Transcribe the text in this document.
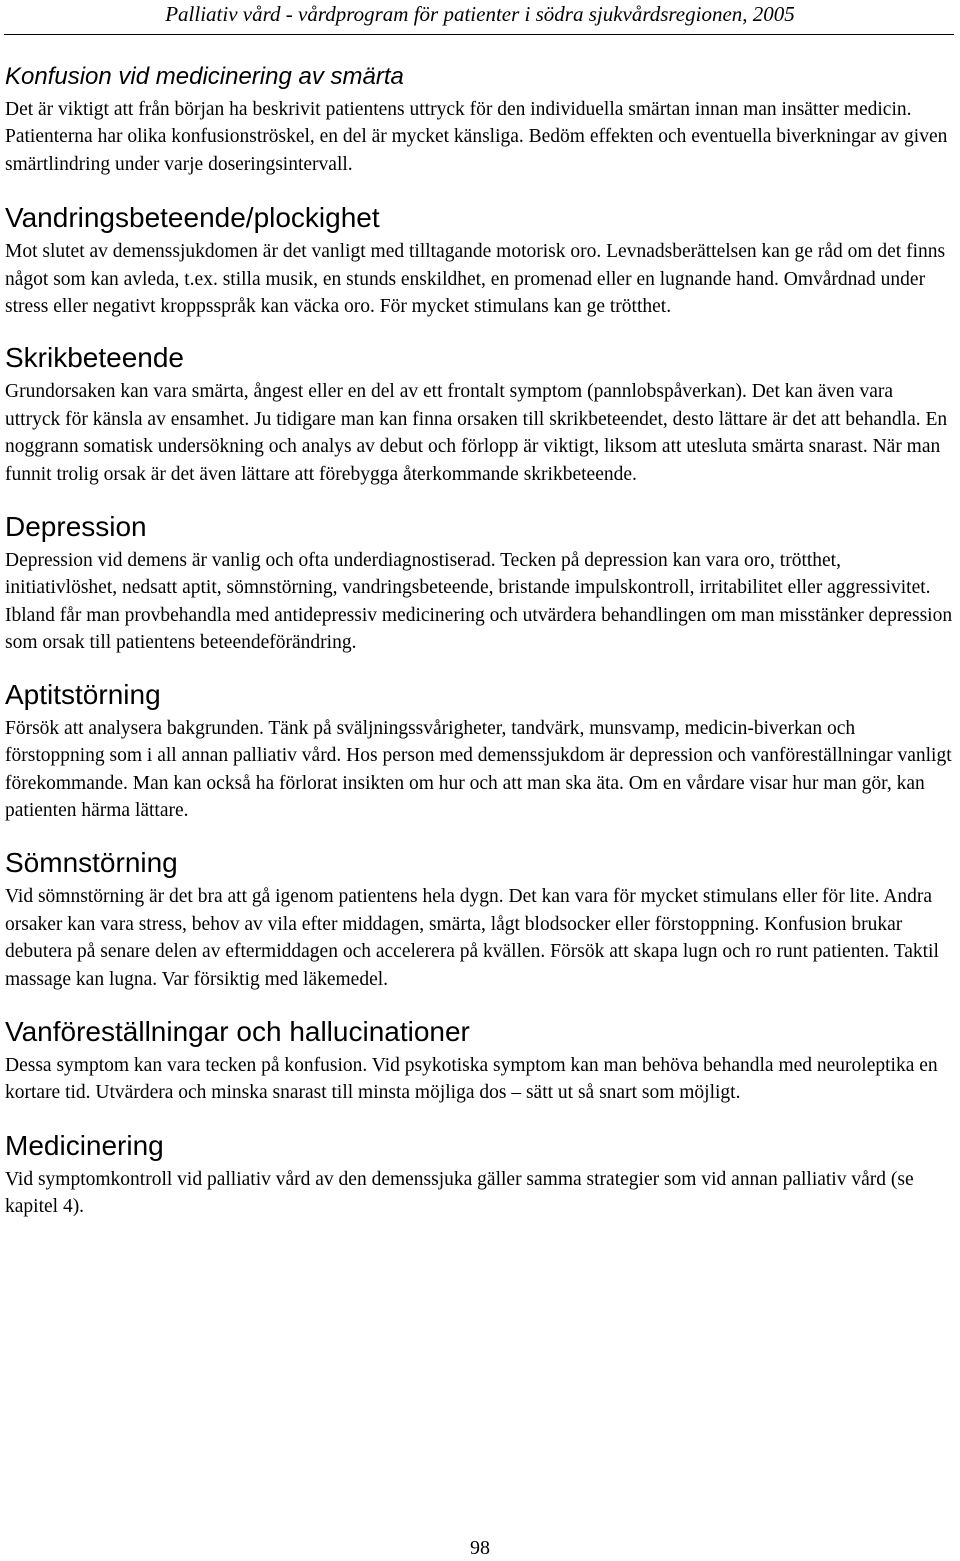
Palliativ vård - vårdprogram för patienter i södra sjukvårdsregionen, 2005
Konfusion vid medicinering av smärta

Det är viktigt att från början ha beskrivit patientens uttryck för den individuella smärtan innan man insätter medicin. Patienterna har olika konfusionströskel, en del är mycket känsliga. Bedöm effekten och eventuella biverkningar av given smärtlindring under varje doseringsintervall.

Vandringsbeteende/plockighet

Mot slutet av demenssjukdomen är det vanligt med tilltagande motorisk oro. Levnadsberättelsen kan ge råd om det finns något som kan avleda, t.ex. stilla musik, en stunds enskildhet, en promenad eller en lugnande hand. Omvårdnad under stress eller negativt kroppsspråk kan väcka oro. För mycket stimulans kan ge trötthet.

Skrikbeteende

Grundorsaken kan vara smärta, ångest eller en del av ett frontalt symptom (pannlobspåverkan). Det kan även vara uttryck för känsla av ensamhet. Ju tidigare man kan finna orsaken till skrikbeteendet, desto lättare är det att behandla. En noggrann somatisk undersökning och analys av debut och förlopp är viktigt, liksom att utesluta smärta snarast. När man funnit trolig orsak är det även lättare att förebygga återkommande skrikbeteende.

Depression

Depression vid demens är vanlig och ofta underdiagnostiserad. Tecken på depression kan vara oro, trötthet, initiativlöshet, nedsatt aptit, sömnstörning, vandringsbeteende, bristande impulskontroll, irritabilitet eller aggressivitet. Ibland får man provbehandla med antidepressiv medicinering och utvärdera behandlingen om man misstänker depression som orsak till patientens beteendeförändring.

Aptitstörning

Försök att analysera bakgrunden. Tänk på sväljningssvårigheter, tandvärk, munsvamp, medicin-biverkan och förstoppning som i all annan palliativ vård. Hos person med demenssjukdom är depression och vanföreställningar vanligt förekommande. Man kan också ha förlorat insikten om hur och att man ska äta. Om en vårdare visar hur man gör, kan patienten härma lättare.

Sömnstörning

Vid sömnstörning är det bra att gå igenom patientens hela dygn. Det kan vara för mycket stimulans eller för lite. Andra orsaker kan vara stress, behov av vila efter middagen, smärta, lågt blodsocker eller förstoppning. Konfusion brukar debutera på senare delen av eftermiddagen och accelerera på kvällen. Försök att skapa lugn och ro runt patienten. Taktil massage kan lugna. Var försiktig med läkemedel.

Vanföreställningar och hallucinationer

Dessa symptom kan vara tecken på konfusion. Vid psykotiska symptom kan man behöva behandla med neuroleptika en kortare tid. Utvärdera och minska snarast till minsta möjliga dos – sätt ut så snart som möjligt.

Medicinering

Vid symptomkontroll vid palliativ vård av den demenssjuka gäller samma strategier som vid annan palliativ vård (se kapitel 4).

98
